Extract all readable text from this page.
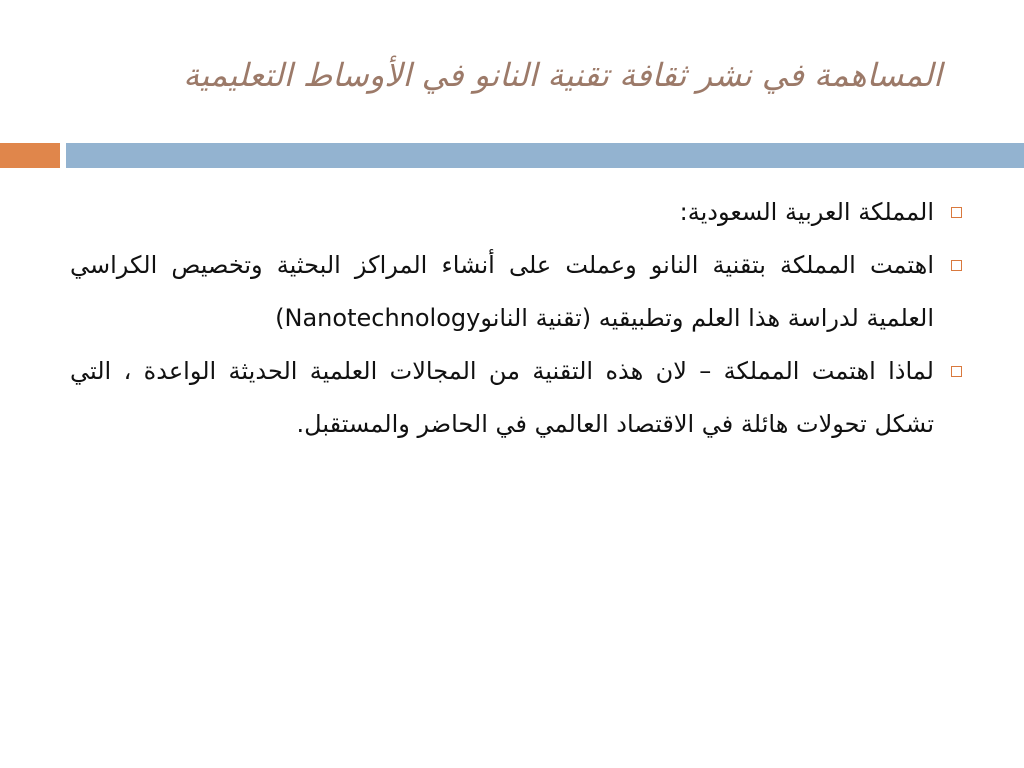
المساهمة في نشر ثقافة تقنية النانو في الأوساط التعليمية
المملكة العربية السعودية:
اهتمت المملكة بتقنية النانو وعملت على أنشاء المراكز البحثية وتخصيص الكراسي العلمية لدراسة هذا العلم وتطبيقيه (تقنية النانوNanotechnology)
لماذا اهتمت المملكة – لان هذه التقنية من المجالات العلمية الحديثة الواعدة ، التي تشكل تحولات هائلة في الاقتصاد العالمي في الحاضر والمستقبل.
